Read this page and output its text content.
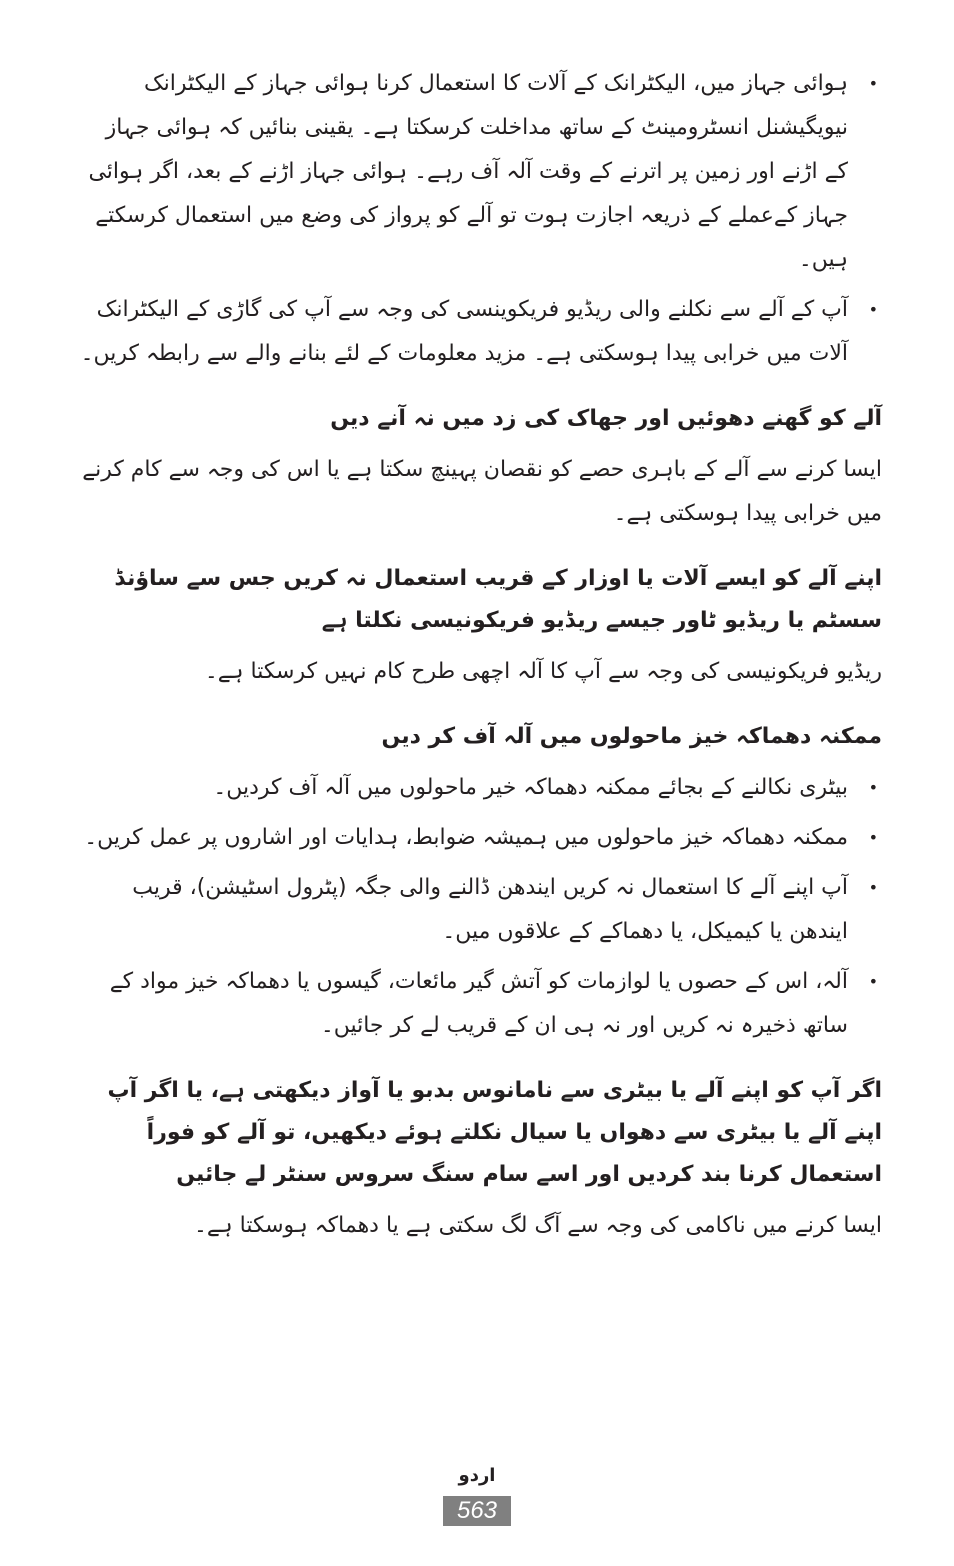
•
ہوائی جہاز میں، الیکٹرانک کے آلات کا استعمال کرنا ہوائی جہاز کے الیکٹرانک نیویگیشنل انسٹرومینٹ کے ساتھ مداخلت کرسکتا ہے۔ یقینی بنائیں کہ ہوائی جہاز کے اڑنے اور زمین پر اترنے کے وقت آلہ آف رہے۔ ہوائی جہاز اڑنے کے بعد، اگر ہوائی جہاز کےعملے کے ذریعہ اجازت ہوت تو آلے کو پرواز کی وضع میں استعمال کرسکتے ہیں۔
•
آپ کے آلے سے نکلنے والی ریڈیو فریکوینسی کی وجہ سے آپ کی گاڑی کے الیکٹرانک آلات میں خرابی پیدا ہوسکتی ہے۔ مزید معلومات کے لئے بنانے والے سے رابطہ کریں۔
آلے کو گھنے دھوئیں اور جھاک کی زد میں نہ آنے دیں

ایسا کرنے سے آلے کے باہری حصے کو نقصان پہینچ سکتا ہے یا اس کی وجہ سے کام کرنے میں خرابی پیدا ہوسکتی ہے۔

اپنے آلے کو ایسے آلات یا اوزار کے قریب استعمال نہ کریں جس سے ساؤنڈ سسٹم یا ریڈیو ٹاور جیسے ریڈیو فریکونیسی نکلتا ہے

ریڈیو فریکونیسی کی وجہ سے آپ کا آلہ اچھی طرح کام نہیں کرسکتا ہے۔

ممکنہ دھماکہ خیز ماحولوں میں آلہ آف کر دیں
•
بیٹری نکالنے کے بجائے ممکنہ دھماکہ خیر ماحولوں میں آلہ آف کردیں۔
•
ممکنہ دھماکہ خیز ماحولوں میں ہمیشہ ضوابط، ہدایات اور اشاروں پر عمل کریں۔
•
آپ اپنے آلے کا استعمال نہ کریں ایندھن ڈالنے والی جگہ (پٹرول اسٹیشن)، قریب ایندھن یا کیمیکل، یا دھماکے کے علاقوں میں۔
•
آلہ، اس کے حصوں یا لوازمات کو آتش گیر مائعات، گیسوں یا دھماکہ خیز مواد کے ساتھ ذخیرہ نہ کریں اور نہ ہی ان کے قریب لے کر جائیں۔
اگر آپ کو اپنے آلے یا بیٹری سے نامانوس بدبو یا آواز دیکھتی ہے، یا اگر آپ اپنے آلے یا بیٹری سے دھواں یا سیال نکلتے ہوئے دیکھیں، تو آلے کو فوراً استعمال کرنا بند کردیں اور اسے سام سنگ سروس سنٹر لے جائیں

ایسا کرنے میں ناکامی کی وجہ سے آگ لگ سکتی ہے یا دھماکہ ہوسکتا ہے۔

اردو
563
